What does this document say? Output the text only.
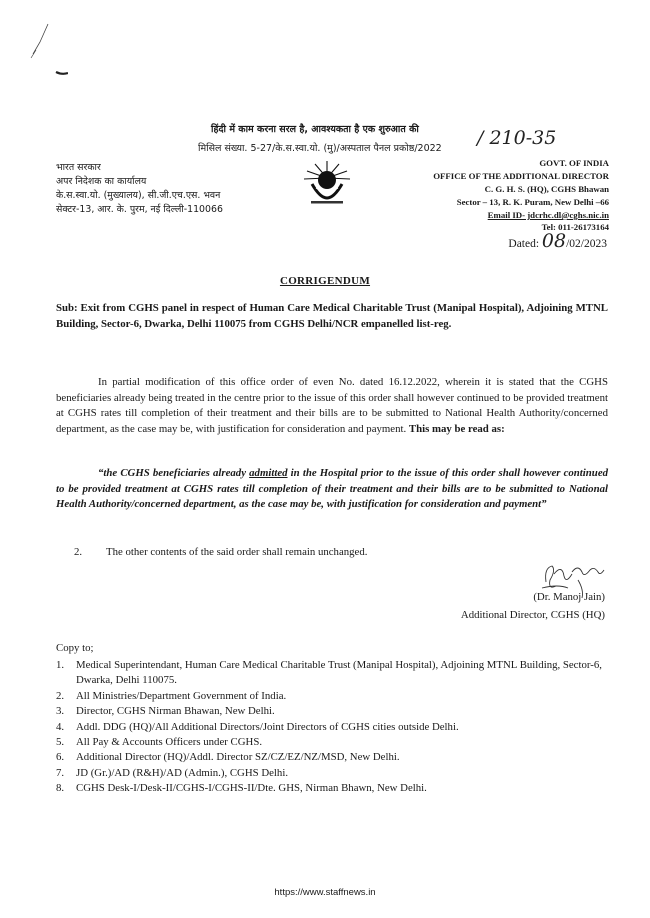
हिंदी में काम करना सरल है, आवश्यकता है एक शुरुआत की
मिसिल संख्या. 5-27/के.स.स्वा.यो. (मु)/अस्पताल पैनल प्रकोष्ठ/2022 / 210-35
भारत सरकार
अपर निदेशक का कार्यालय
के.स.स्वा.यो. (मुख्यालय), सी.जी.एच.एस. भवन
सेक्टर-13, आर. के. पुरम, नई दिल्ली-110066
GOVT. OF INDIA
OFFICE OF THE ADDITIONAL DIRECTOR
C. G. H. S. (HQ), CGHS Bhawan
Sector – 13, R. K. Puram, New Delhi –66
Email ID- jdcrhc.dl@cghs.nic.in
Tel: 011-26173164
Dated: 08/02/2023
CORRIGENDUM
Sub: Exit from CGHS panel in respect of Human Care Medical Charitable Trust (Manipal Hospital), Adjoining MTNL Building, Sector-6, Dwarka, Delhi 110075 from CGHS Delhi/NCR empanelled list-reg.
In partial modification of this office order of even No. dated 16.12.2022, wherein it is stated that the CGHS beneficiaries already being treated in the centre prior to the issue of this order shall however continued to be provided treatment at CGHS rates till completion of their treatment and their bills are to be submitted to National Health Authority/concerned department, as the case may be, with justification for consideration and payment. This may be read as:
“the CGHS beneficiaries already admitted in the Hospital prior to the issue of this order shall however continued to be provided treatment at CGHS rates till completion of their treatment and their bills are to be submitted to National Health Authority/concerned department, as the case may be, with justification for consideration and payment”
2. The other contents of the said order shall remain unchanged.
(Dr. Manoj Jain)
Additional Director, CGHS (HQ)
Copy to;
1. Medical Superintendant, Human Care Medical Charitable Trust (Manipal Hospital), Adjoining MTNL Building, Sector-6, Dwarka, Delhi 110075.
2. All Ministries/Department Government of India.
3. Director, CGHS Nirman Bhawan, New Delhi.
4. Addl. DDG (HQ)/All Additional Directors/Joint Directors of CGHS cities outside Delhi.
5. All Pay & Accounts Officers under CGHS.
6. Additional Director (HQ)/Addl. Director SZ/CZ/EZ/NZ/MSD, New Delhi.
7. JD (Gr.)/AD (R&H)/AD (Admin.), CGHS Delhi.
8. CGHS Desk-I/Desk-II/CGHS-I/CGHS-II/Dte. GHS, Nirman Bhawn, New Delhi.
https://www.staffnews.in
